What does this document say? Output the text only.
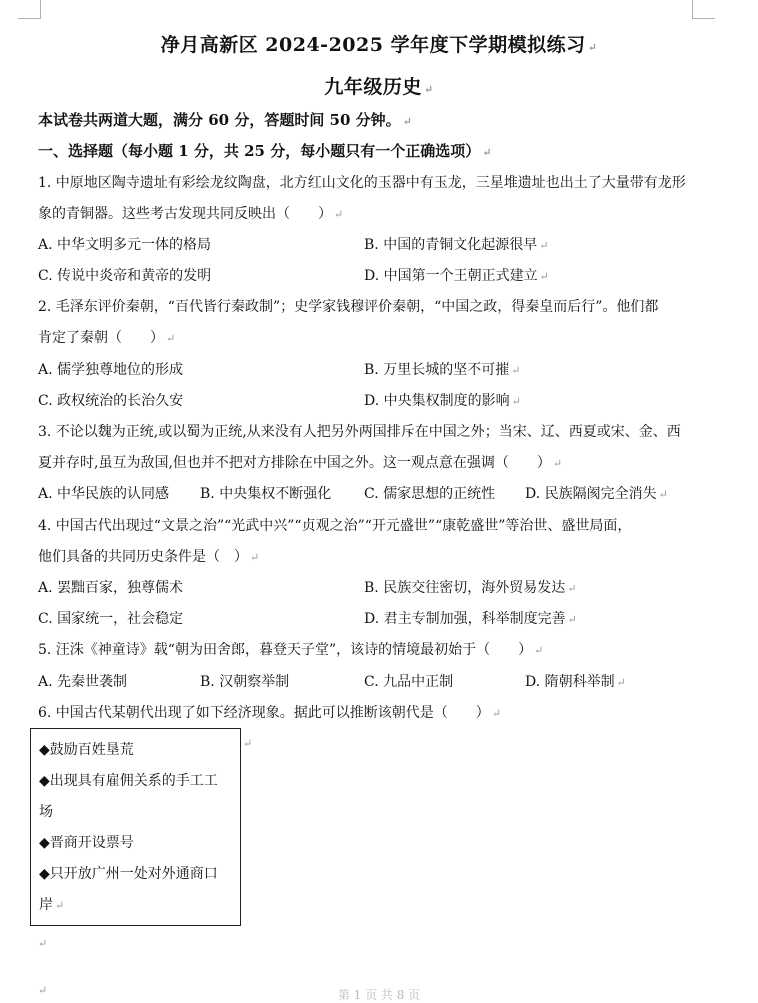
净月高新区 2024-2025 学年度下学期模拟练习 ↵
九年级历史 ↵
本试卷共两道大题，满分 60 分，答题时间 50 分钟。 ↵
一、选择题（每小题 1 分，共 25 分，每小题只有一个正确选项） ↵
1. 中原地区陶寺遗址有彩绘龙纹陶盘，北方红山文化的玉器中有玉龙，三星堆遗址也出土了大量带有龙形
象的青铜器。这些考古发现共同反映出（　　） ↵
A. 中华文明多元一体的格局	B. 中国的青铜文化起源很早 ↵
C. 传说中炎帝和黄帝的发明	D. 中国第一个王朝正式建立 ↵
2. 毛泽东评价秦朝，“百代皆行秦政制”；史学家钱穆评价秦朝，“中国之政，得秦皇而后行”。他们都
肯定了秦朝（　　） ↵
A. 儒学独尊地位的形成	B. 万里长城的坚不可摧 ↵
C. 政权统治的长治久安	D. 中央集权制度的影响 ↵
3. 不论以魏为正统,或以蜀为正统,从来没有人把另外两国排斥在中国之外；当宋、辽、西夏或宋、金、西
夏并存时,虽互为敌国,但也并不把对方排除在中国之外。这一观点意在强调（　　） ↵
A. 中华民族的认同感 B. 中央集权不断强化 C. 儒家思想的正统性 D. 民族隔阂完全消失 ↵
4. 中国古代出现过“文景之治”“光武中兴”“贞观之治”“开元盛世”“康乾盛世”等治世、盛世局面，
他们具备的共同历史条件是（　） ↵
A. 罢黜百家，独尊儒术	B. 民族交往密切，海外贸易发达 ↵
C. 国家统一，社会稳定	D. 君主专制加强，科举制度完善 ↵
5. 汪洙《神童诗》载“朝为田舍郎，暮登天子堂”，该诗的情境最初始于（　　） ↵
A. 先秦世袭制	B. 汉朝察举制	C. 九品中正制	D. 隋朝科举制 ↵
6. 中国古代某朝代出现了如下经济现象。据此可以推断该朝代是（　　） ↵
◆鼓励百姓垦荒
◆出现具有雇佣关系的手工工
场
◆晋商开设票号
◆只开放广州一处对外通商口
岸 ↵
↵
↵
↵	第 1 页 共 8 页
